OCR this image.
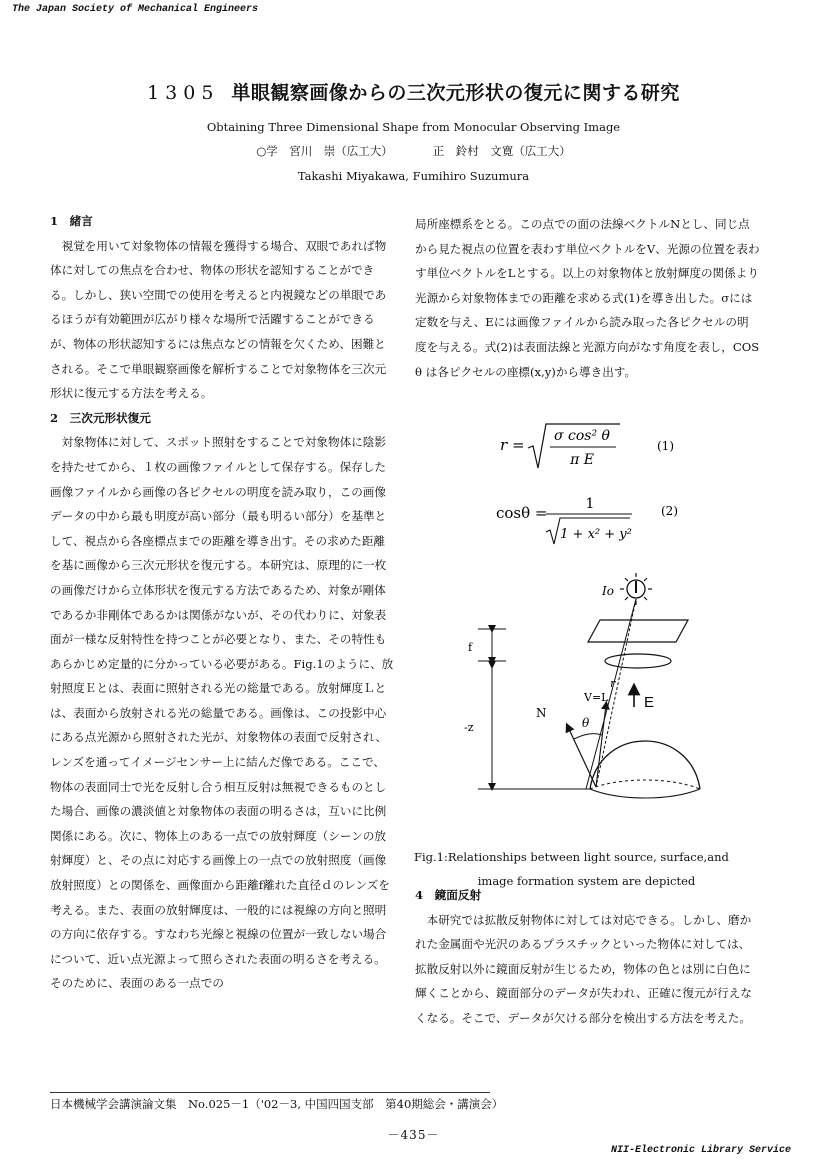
The Japan Society of Mechanical Engineers
1305 単眼観察画像からの三次元形状の復元に関する研究
Obtaining Three Dimensional Shape from Monocular Observing Image
○学　宮川　崇（広工大）	正　鈴村　文寛（広工大）
Takashi Miyakawa, Fumihiro Suzumura

1　緒言

視覚を用いて対象物体の情報を獲得する場合、双眼であれば物体に対しての焦点を合わせ、物体の形状を認知することができる。しかし、狭い空間での使用を考えると内視鏡などの単眼であるほうが有効範囲が広がり様々な場所で活躍することができるが、物体の形状認知するには焦点などの情報を欠くため、困難とされる。そこで単眼観察画像を解析することで対象物体を三次元形状に復元する方法を考える。

2　三次元形状復元

対象物体に対して、スポット照射をすることで対象物体に陰影を持たせてから、１枚の画像ファイルとして保存する。保存した画像ファイルから画像の各ピクセルの明度を読み取り，この画像データの中から最も明度が高い部分（最も明るい部分）を基準として、視点から各座標点までの距離を導き出す。その求めた距離を基に画像から三次元形状を復元する。本研究は、原理的に一枚の画像だけから立体形状を復元する方法であるため、対象が剛体であるか非剛体であるかは関係がないが、その代わりに、対象表面が一様な反射特性を持つことが必要となり、また、その特性もあらかじめ定量的に分かっている必要がある。Fig.1のように、放射照度Ｅとは、表面に照射される光の総量である。放射輝度Ｌとは、表面から放射される光の総量である。画像は、この投影中心にある点光源から照射された光が、対象物体の表面で反射され、レンズを通ってイメージセンサー上に結んだ像である。ここで、物体の表面同士で光を反射し合う相互反射は無視できるものとした場合、画像の濃淡値と対象物体の表面の明るさは，互いに比例関係にある。次に、物体上のある一点での放射輝度（シーンの放射輝度）と、その点に対応する画像上の一点での放射照度（画像放射照度）との関係を、画像面から距離f離れた直径ｄのレンズを考える。また、表面の放射輝度は、一般的には視線の方向と照明の方向に依存する。すなわち光線と視線の位置が一致しない場合について、近い点光源よって照らされた表面の明るさを考える。そのために、表面のある一点での

局所座標系をとる。この点での面の法線ベクトルNとし、同じ点から見た視点の位置を表わす単位ベクトルをV、光源の位置を表わす単位ベクトルをLとする。以上の対象物体と放射輝度の関係より光源から対象物体までの距離を求める式(1)を導き出した。σには定数を与え、Eには画像ファイルから読み取った各ピクセルの明度を与える。式(2)は表面法線と光源方向がなす角度を表し，COS θ は各ピクセルの座標(x,y)から導き出す。

r = σ cos² θ
π E
(1)
cosθ =	1
1 + x² + y²
(2)
Io
f
-z
N
V=L
r
θ
E
Fig.1:Relationships between light source, surface,and
image formation system are depicted

4　鏡面反射

本研究では拡散反射物体に対しては対応できる。しかし、磨かれた金属面や光沢のあるプラスチックといった物体に対しては、拡散反射以外に鏡面反射が生じるため，物体の色とは別に白色に輝くことから、鏡面部分のデータが失われ、正確に復元が行えなくなる。そこで、データが欠ける部分を検出する方法を考えた。

日本機械学会講演論文集　No.025－1（'02－3, 中国四国支部　第40期総会・講演会）
－435－
NII-Electronic Library Service
